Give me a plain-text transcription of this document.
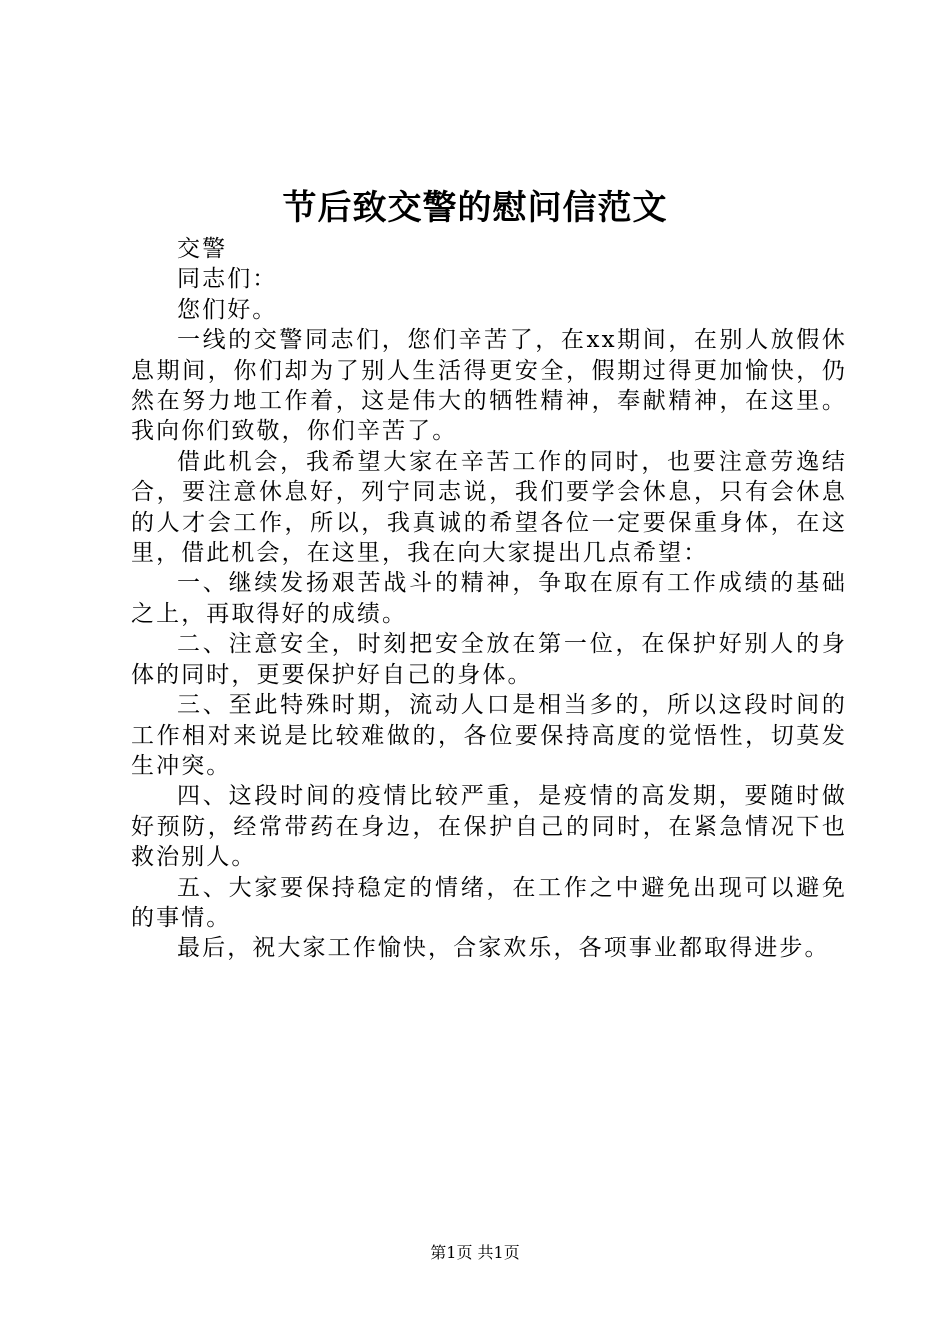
节后致交警的慰问信范文

交警

同志们：

您们好。

一线的交警同志们，您们辛苦了，在xx期间，在别人放假休息期间，你们却为了别人生活得更安全，假期过得更加愉快，仍然在努力地工作着，这是伟大的牺牲精神，奉献精神，在这里。我向你们致敬，你们辛苦了。

借此机会，我希望大家在辛苦工作的同时，也要注意劳逸结合，要注意休息好，列宁同志说，我们要学会休息，只有会休息的人才会工作，所以，我真诚的希望各位一定要保重身体，在这里，借此机会，在这里，我在向大家提出几点希望：

一、继续发扬艰苦战斗的精神，争取在原有工作成绩的基础之上，再取得好的成绩。

二、注意安全，时刻把安全放在第一位，在保护好别人的身体的同时，更要保护好自己的身体。

三、至此特殊时期，流动人口是相当多的，所以这段时间的工作相对来说是比较难做的，各位要保持高度的觉悟性，切莫发生冲突。

四、这段时间的疫情比较严重，是疫情的高发期，要随时做好预防，经常带药在身边，在保护自己的同时，在紧急情况下也救治别人。

五、大家要保持稳定的情绪，在工作之中避免出现可以避免的事情。

最后，祝大家工作愉快，合家欢乐，各项事业都取得进步。

第1页 共1页
